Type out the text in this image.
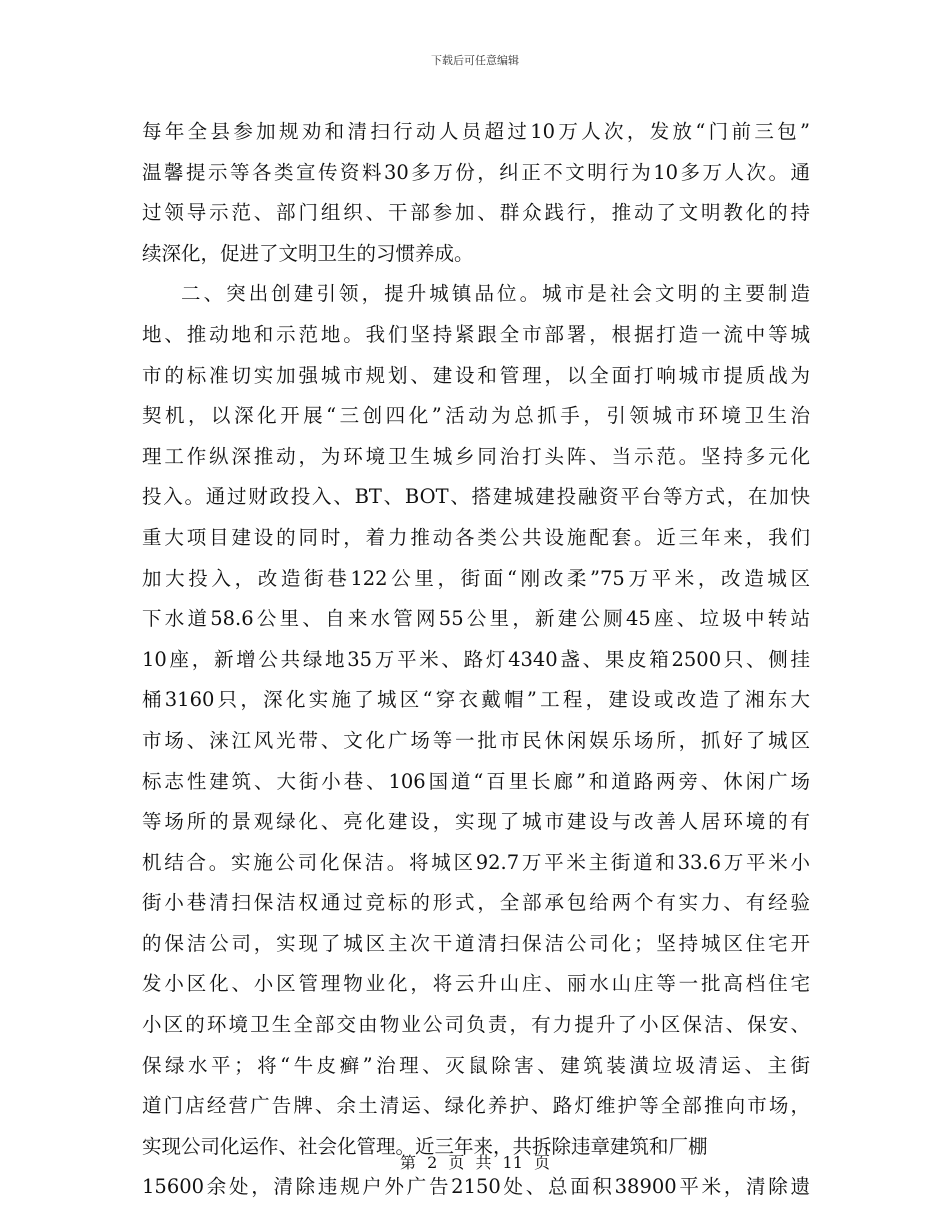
下载后可任意编辑
每年全县参加规劝和清扫行动人员超过10万人次，发放“门前三包”
温馨提示等各类宣传资料30多万份，纠正不文明行为10多万人次。通
过领导示范、部门组织、干部参加、群众践行，推动了文明教化的持
续深化，促进了文明卫生的习惯养成。
二、突出创建引领，提升城镇品位。城市是社会文明的主要制造
地、推动地和示范地。我们坚持紧跟全市部署，根据打造一流中等城
市的标准切实加强城市规划、建设和管理，以全面打响城市提质战为
契机，以深化开展“三创四化”活动为总抓手，引领城市环境卫生治
理工作纵深推动，为环境卫生城乡同治打头阵、当示范。坚持多元化
投入。通过财政投入、BT、BOT、搭建城建投融资平台等方式，在加快
重大项目建设的同时，着力推动各类公共设施配套。近三年来，我们
加大投入，改造街巷122公里，街面“刚改柔”75万平米，改造城区
下水道58.6公里、自来水管网55公里，新建公厕45座、垃圾中转站
10座，新增公共绿地35万平米、路灯4340盏、果皮箱2500只、侧挂
桶3160只，深化实施了城区“穿衣戴帽”工程，建设或改造了湘东大
市场、涞江风光带、文化广场等一批市民休闲娱乐场所，抓好了城区
标志性建筑、大街小巷、106国道“百里长廊”和道路两旁、休闲广场
等场所的景观绿化、亮化建设，实现了城市建设与改善人居环境的有
机结合。实施公司化保洁。将城区92.7万平米主街道和33.6万平米小
街小巷清扫保洁权通过竞标的形式，全部承包给两个有实力、有经验
的保洁公司，实现了城区主次干道清扫保洁公司化；坚持城区住宅开
发小区化、小区管理物业化，将云升山庄、丽水山庄等一批高档住宅
小区的环境卫生全部交由物业公司负责，有力提升了小区保洁、保安、
保绿水平；将“牛皮癣”治理、灭鼠除害、建筑装潢垃圾清运、主街
道门店经营广告牌、余土清运、绿化养护、路灯维护等全部推向市场，
实现公司化运作、社会化管理。近三年来，共拆除违章建筑和厂棚
15600余处，清除违规户外广告2150处、总面积38900平米，清除遗
第 2 页 共 11 页
